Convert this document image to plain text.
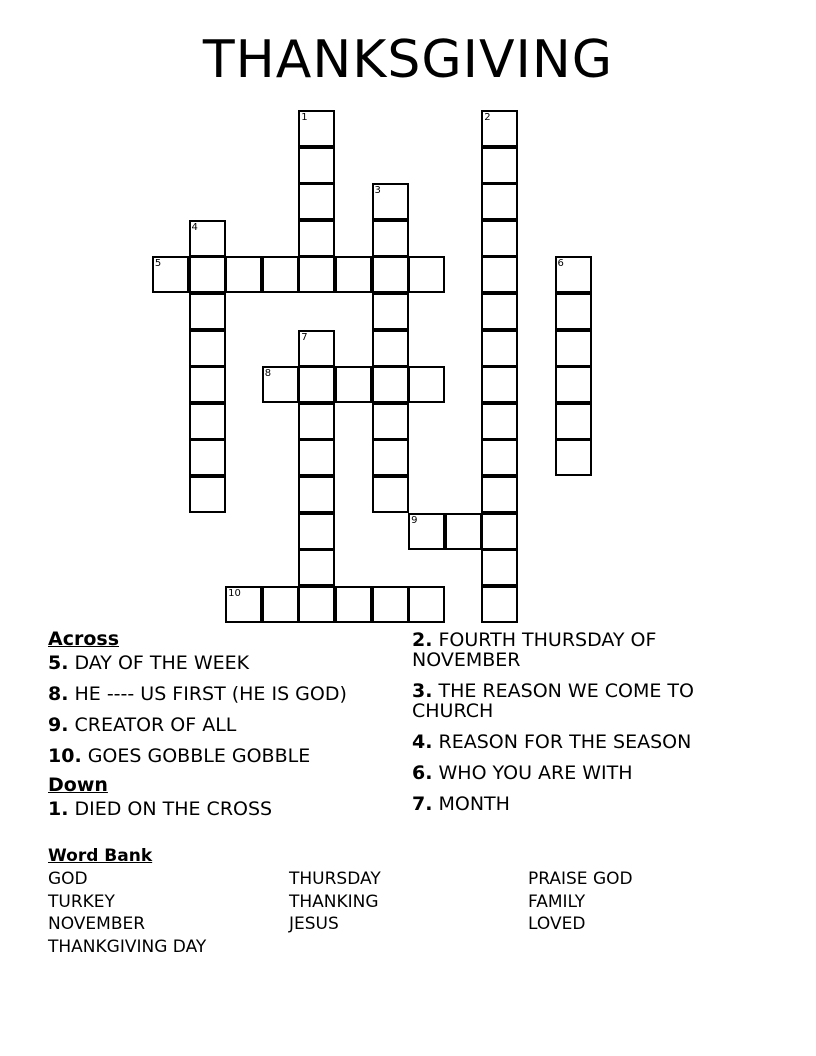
THANKSGIVING
1	2
3
4
5	6
7
8
9
10
Across
5. DAY OF THE WEEK
8. HE ---- US FIRST (HE IS GOD)
9. CREATOR OF ALL
10. GOES GOBBLE GOBBLE
Down
1. DIED ON THE CROSS
2. FOURTH THURSDAY OF NOVEMBER
3. THE REASON WE COME TO CHURCH
4. REASON FOR THE SEASON
6. WHO YOU ARE WITH
7. MONTH
Word Bank
GOD
TURKEY
NOVEMBER
THANKGIVING DAY
THURSDAY
THANKING
JESUS
PRAISE GOD
FAMILY
LOVED
